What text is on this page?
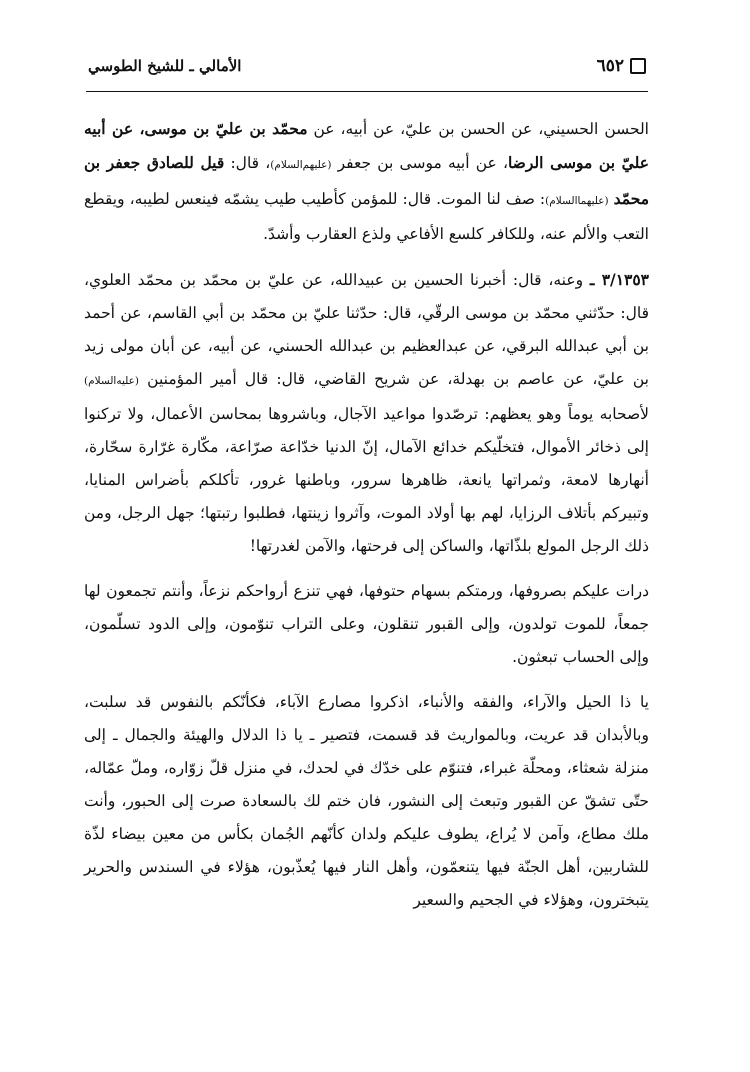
٦٥٢
الأمالي ـ للشيخ الطوسي

الحسن الحسيني، عن الحسن بن عليّ، عن أبيه، عن محمّد بن عليّ بن موسى، عن أبيه عليّ بن موسى الرضا، عن أبيه موسى بن جعفر (عليهم‌السلام)، قال: قيل للصادق جعفر بن محمّد (عليهما‌السلام): صف لنا الموت. قال: للمؤمن كأطيب طيب يشمّه فينعس لطيبه، ويقطع التعب والألم عنه، وللكافر كلسع الأفاعي ولذع العقارب وأشدّ.

٣/١٣٥٣ ـ وعنه، قال: أخبرنا الحسين بن عبيدالله، عن عليّ بن محمّد بن محمّد العلوي، قال: حدّثني محمّد بن موسى الرقّي، قال: حدّثنا عليّ بن محمّد بن أبي القاسم، عن أحمد بن أبي عبدالله البرقي، عن عبدالعظيم بن عبدالله الحسني، عن أبيه، عن أبان مولى زيد بن عليّ، عن عاصم بن بهدلة، عن شريح القاضي، قال: قال أمير المؤمنين (عليه‌السلام) لأصحابه يوماً وهو يعظهم: ترصّدوا مواعيد الآجال، وباشروها بمحاسن الأعمال، ولا تركنوا إلى ذخائر الأموال، فتخلّيكم خدائع الآمال، إنّ الدنيا خدّاعة صرّاعة، مكّارة غرّارة سحّارة، أنهارها لامعة، وثمراتها يانعة، ظاهرها سرور، وباطنها غرور، تأكلكم بأضراس المنايا، وتبيركم بأتلاف الرزايا، لهم بها أولاد الموت، وآثروا زينتها، فطلبوا رتبتها؛ جهل الرجل، ومن ذلك الرجل المولع بلذّاتها، والساكن إلى فرحتها، والآمن لغدرتها!

درات عليكم بصروفها، ورمتكم بسهام حتوفها، فهي تنزع أرواحكم نزعاً، وأنتم تجمعون لها جمعاً، للموت تولدون، وإلى القبور تنقلون، وعلى التراب تنوّمون، وإلى الدود تسلّمون، وإلى الحساب تبعثون.

يا ذا الحيل والآراء، والفقه والأنباء، اذكروا مصارع الآباء، فكأنّكم بالنفوس قد سلبت، وبالأبدان قد عريت، وبالمواريث قد قسمت، فتصير ـ يا ذا الدلال والهيئة والجمال ـ إلى منزلة شعثاء، ومحلّة غبراء، فتنوّم على خدّك في لحدك، في منزل قلّ زوّاره، وملّ عمّاله، حتّى تشقّ عن القبور وتبعث إلى النشور، فان ختم لك بالسعادة صرت إلى الحبور، وأنت ملك مطاع، وآمن لا يُراع، يطوف عليكم ولدان كأنّهم الجُمان بكأس من معين بيضاء لذّة للشاربين، أهل الجنّة فيها يتنعمّون، وأهل النار فيها يُعذّبون، هؤلاء في السندس والحرير يتبخترون، وهؤلاء في الجحيم والسعير
